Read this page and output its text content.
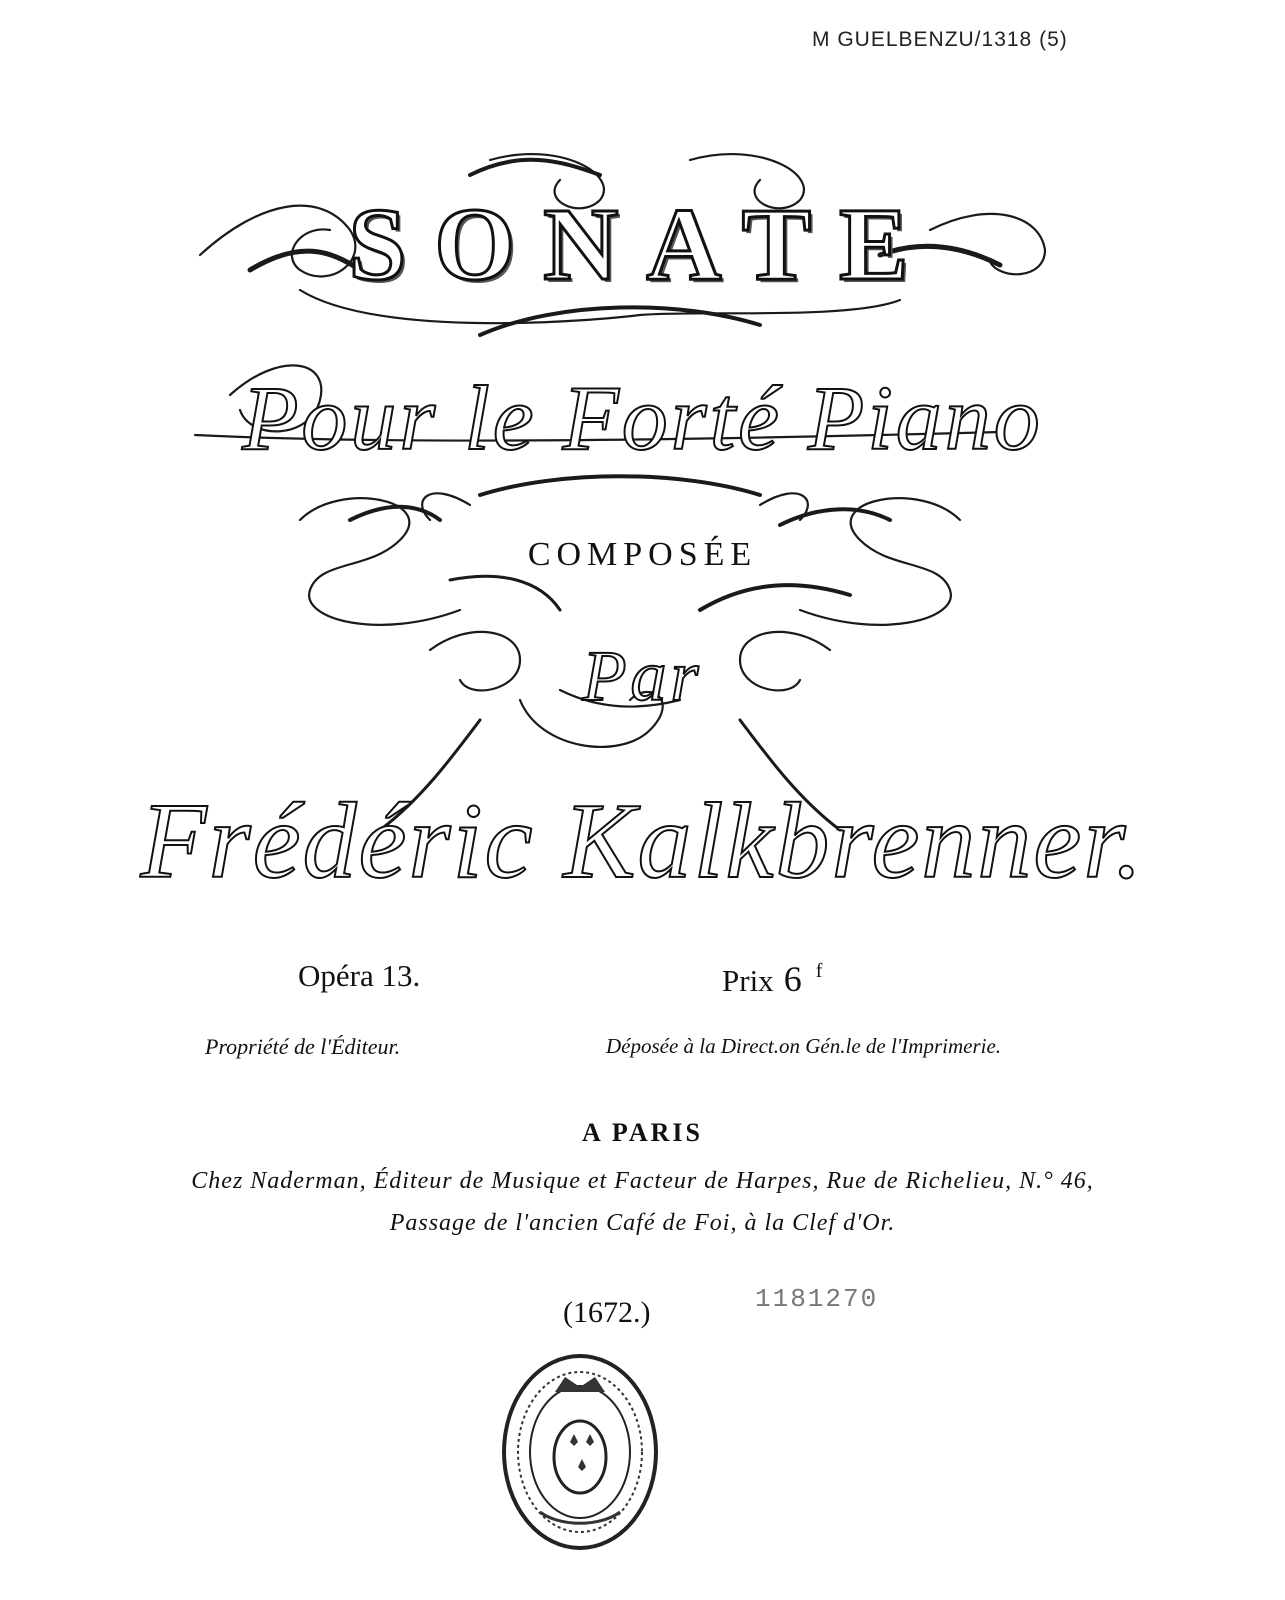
M GUELBENZU/1318 (5)
SONATE
Pour le Forté Piano
COMPOSÉE
Par
Frédéric Kalkbrenner.
Opéra 13.	Prix 6 $^f$
Propriété de l'Éditeur.	Déposée à la Direct.on Gén.le de l'Imprimerie.
A PARIS
Chez Naderman, Éditeur de Musique et Facteur de Harpes, Rue de Richelieu, N.° 46,
Passage de l'ancien Café de Foi, à la Clef d'Or.
(1672.)	1181270
